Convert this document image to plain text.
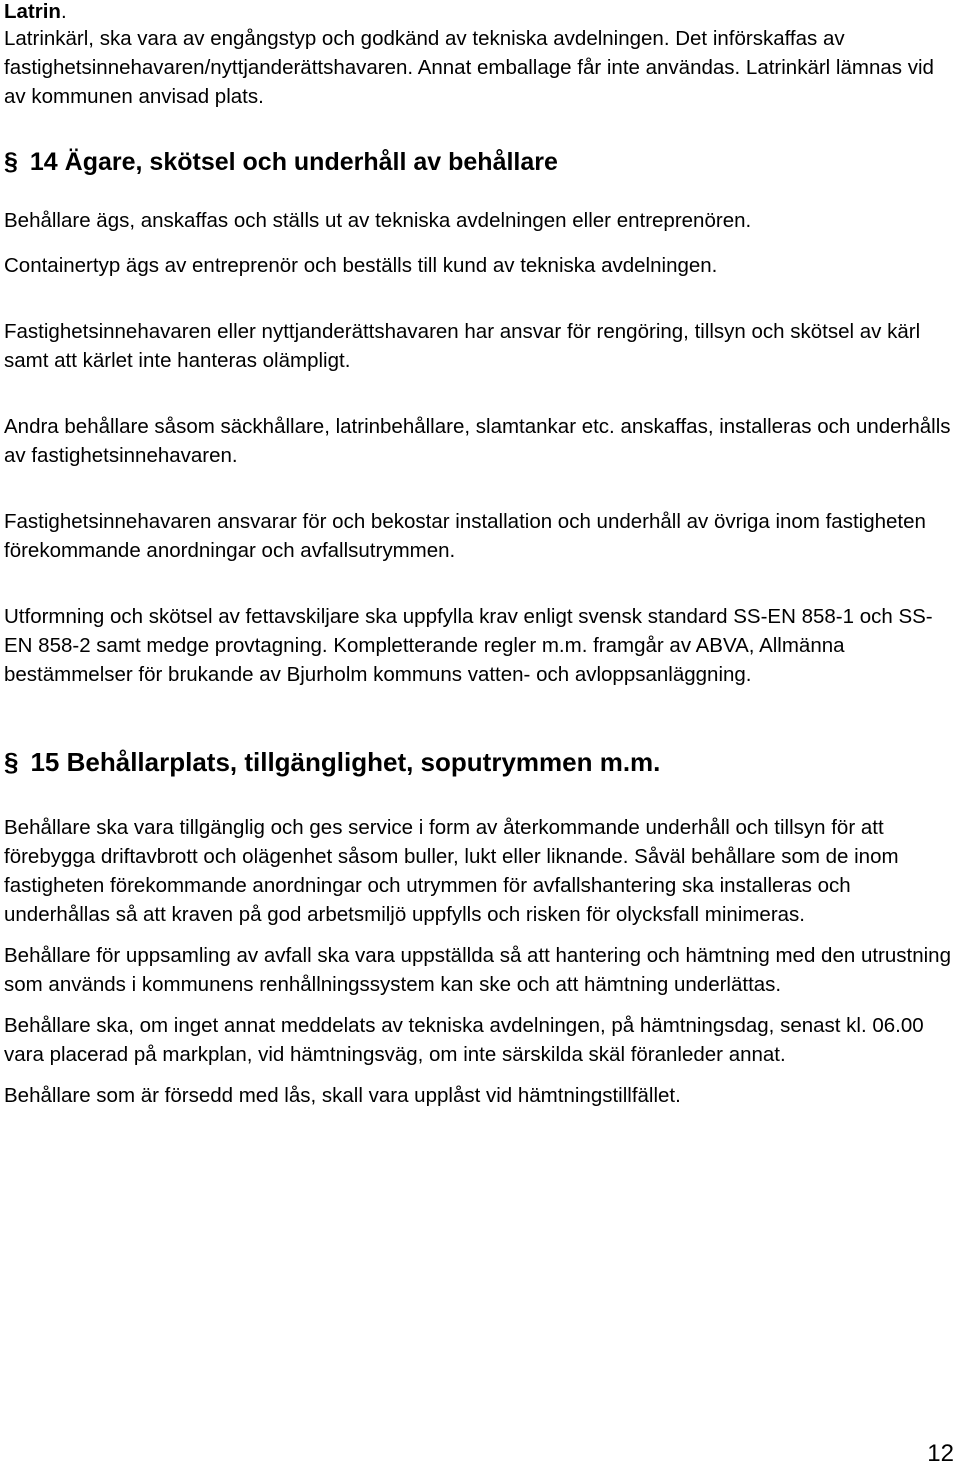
Latrin.

Latrinkärl, ska vara av engångstyp och godkänd av tekniska avdelningen. Det införskaffas av fastighetsinnehavaren/nyttjanderättshavaren. Annat emballage får inte användas. Latrinkärl lämnas vid av kommunen anvisad plats.

§ 14 Ägare, skötsel och underhåll av behållare

Behållare ägs, anskaffas och ställs ut av tekniska avdelningen eller entreprenören.

Containertyp ägs av entreprenör och beställs till kund av tekniska avdelningen.

Fastighetsinnehavaren eller nyttjanderättshavaren har ansvar för rengöring, tillsyn och skötsel av kärl samt att kärlet inte hanteras olämpligt.

Andra behållare såsom säckhållare, latrinbehållare, slamtankar etc. anskaffas, installeras och underhålls av fastighetsinnehavaren.

Fastighetsinnehavaren ansvarar för och bekostar installation och underhåll av övriga inom fastigheten förekommande anordningar och avfallsutrymmen.

Utformning och skötsel av fettavskiljare ska uppfylla krav enligt svensk standard SS-EN 858-1 och SS-EN 858-2 samt medge provtagning. Kompletterande regler m.m. framgår av ABVA, Allmänna bestämmelser för brukande av Bjurholm kommuns vatten- och avloppsanläggning.

§ 15 Behållarplats, tillgänglighet, soputrymmen m.m.

Behållare ska vara tillgänglig och ges service i form av återkommande underhåll och tillsyn för att förebygga driftavbrott och olägenhet såsom buller, lukt eller liknande. Såväl behållare som de inom fastigheten förekommande anordningar och utrymmen för avfallshantering ska installeras och underhållas så att kraven på god arbetsmiljö uppfylls och risken för olycksfall minimeras.

Behållare för uppsamling av avfall ska vara uppställda så att hantering och hämtning med den utrustning som används i kommunens renhållningssystem kan ske och att hämtning underlättas.

Behållare ska, om inget annat meddelats av tekniska avdelningen, på hämtningsdag, senast kl. 06.00 vara placerad på markplan, vid hämtningsväg, om inte särskilda skäl föranleder annat.

Behållare som är försedd med lås, skall vara upplåst vid hämtningstillfället.

12
